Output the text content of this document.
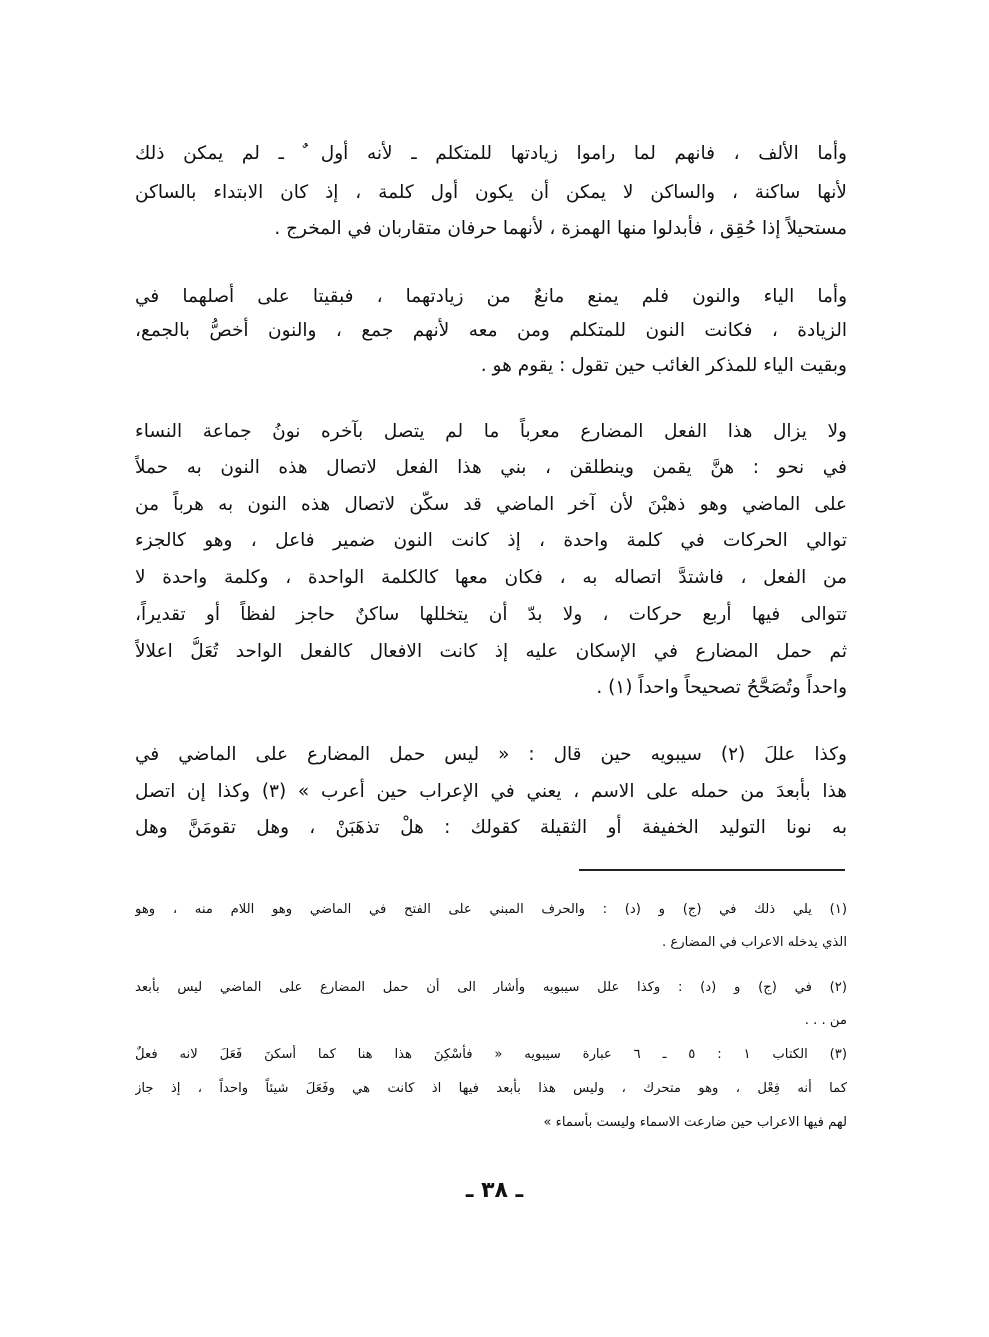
وأما الألف ، فانهم لما راموا زيادتها للمتكلم ـ لأنه أول ٌ ـ لم يمكن ذلك
لأنها ساكنة ، والساكن لا يمكن أن يكون أول كلمة ، إذ كان الابتداء بالساكن
مستحيلاً إذا حُقِق ، فأبدلوا منها الهمزة ، لأنهما حرفان متقاربان في المخرج .
وأما الياء والنون فلم يمنع مانعٌ من زيادتهما ، فبقيتا على أصلهما في
الزيادة ، فكانت النون للمتكلم ومن معه لأنهم جمع ، والنون أخصُّ بالجمع،
وبقيت الياء للمذكر الغائب حين تقول : يقوم هو .
ولا يزال هذا الفعل المضارع معرباً ما لم يتصل بآخره نونُ جماعة النساء
في نحو : هنَّ يقمن وينطلقن ، بني هذا الفعل لاتصال هذه النون به حملاً
على الماضي وهو ذهبْنَ لأن آخر الماضي قد سكّن لاتصال هذه النون به هرباً من
توالي الحركات في كلمة واحدة ، إذ كانت النون ضمير فاعل ، وهو كالجزء
من الفعل ، فاشتدَّ اتصاله به ، فكان معها كالكلمة الواحدة ، وكلمة واحدة لا
تتوالى فيها أربع حركات ، ولا بدّ أن يتخللها ساكنٌ حاجز لفظاً أو تقديراً،
ثم حمل المضارع في الإسكان عليه إذ كانت الافعال كالفعل الواحد تُعَلُّ اعلالاً
واحداً وتُصَحَّحُ تصحيحاً واحداً (١) .
وكذا عللَ (٢) سيبويه حين قال : « ليس حمل المضارع على الماضي في
هذا بأبعدَ من حمله على الاسم ، يعني في الإعراب حين أعرب » (٣) وكذا إن اتصل
به نونا التوليد الخفيفة أو الثقيلة كقولك : هلْ تذهَبَنْ ، وهل تقومَنَّ وهل
(١) يلي ذلك في (ج) و (د) : والحرف المبني على الفتح في الماضي وهو اللام منه ، وهو
الذي يدخله الاعراب في المضارع .
(٢) في (ج) و (د) : وكذا علل سيبويه وأشار الى أن حمل المضارع على الماضي ليس بأبعد
من . . .
(٣) الكتاب ١ : ٥ ـ ٦ عبارة سيبويه « فأسْكِنَ هذا هنا كما أسكنَ فَعَلَ لانه فعلٌ
كما أنه فِعْل ، وهو متحرك ، وليس هذا بأبعد فيها اذ كانت هي وفَعَلَ شيئاً واحداً ، إذ جاز
لهم فيها الاعراب حين ضارعت الاسماء وليست بأسماء »
ـ ٣٨ ـ
